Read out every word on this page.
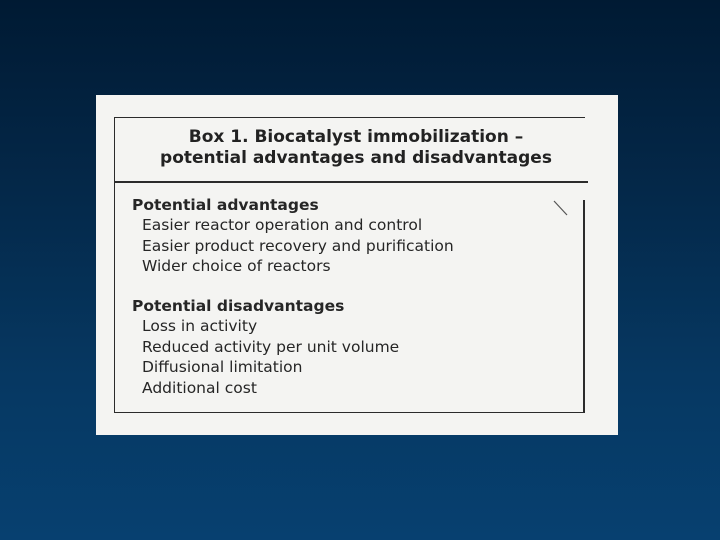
Box 1. Biocatalyst immobilization –
potential advantages and disadvantages
Potential advantages
Easier reactor operation and control
Easier product recovery and purification
Wider choice of reactors
Potential disadvantages
Loss in activity
Reduced activity per unit volume
Diffusional limitation
Additional cost
